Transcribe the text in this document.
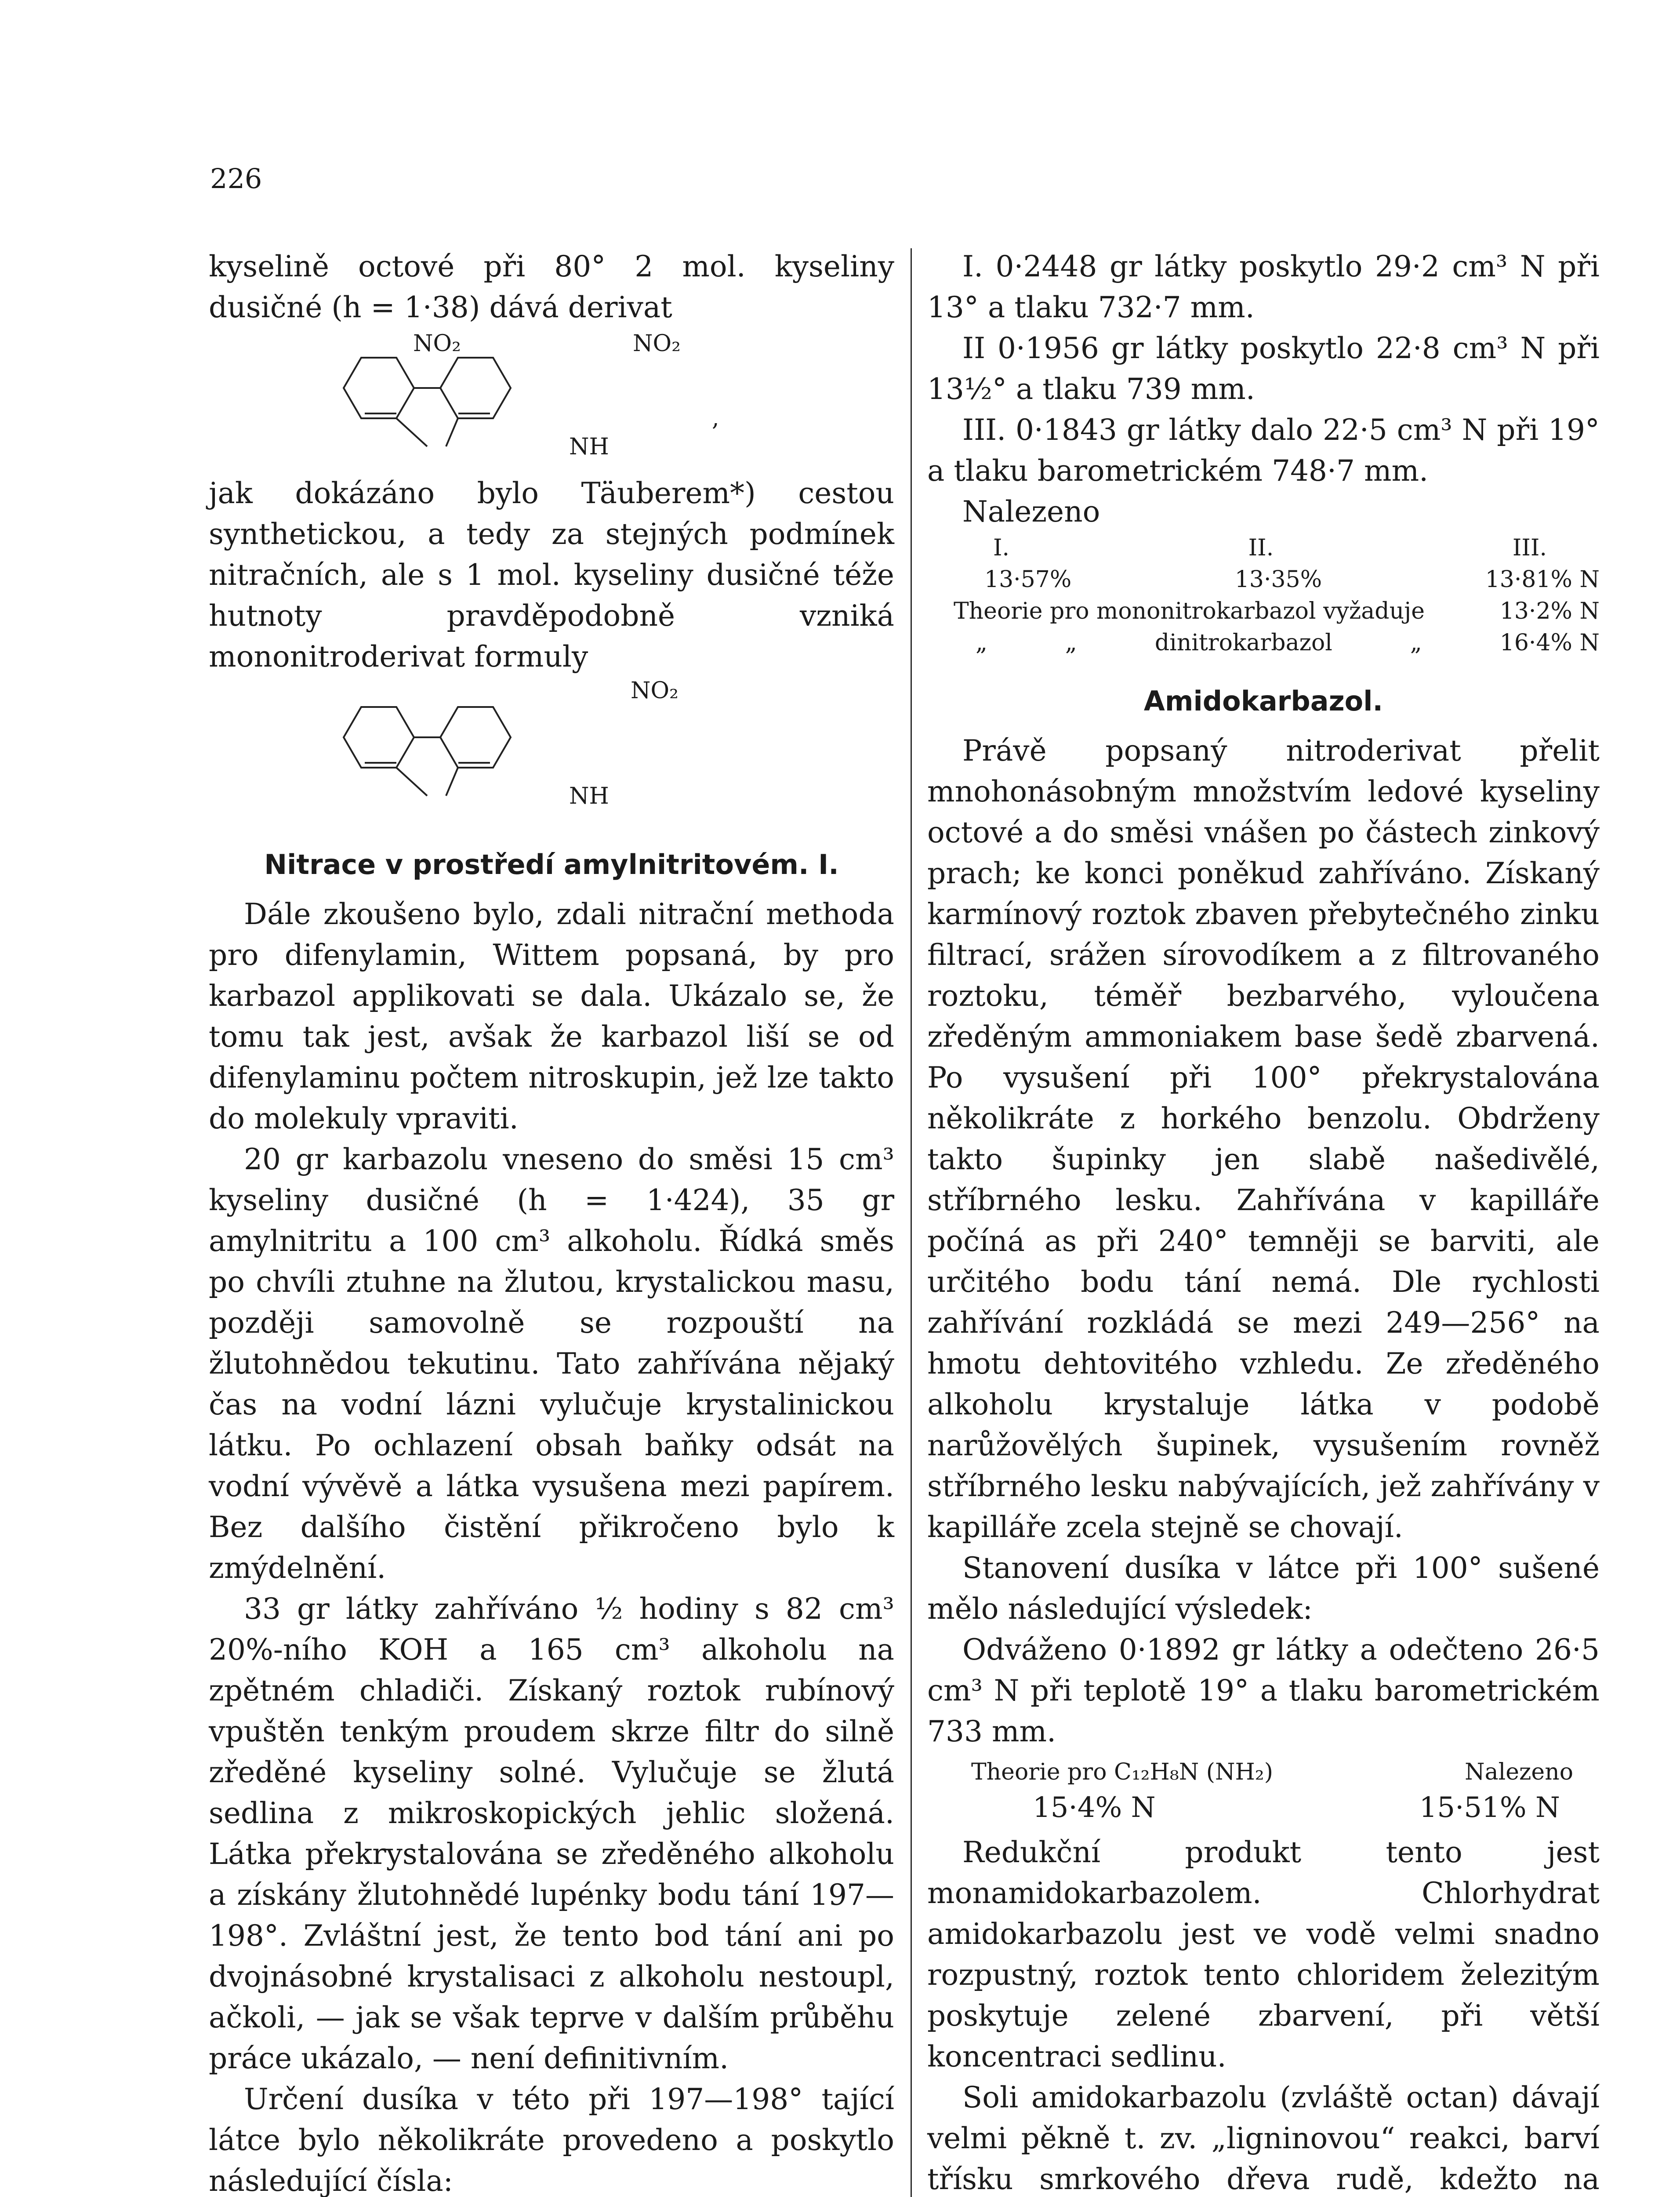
226

kyselině octové při 80° 2 mol. kyseliny dusičné (h = 1·38) dává derivat

NO₂	NO₂
NH
,

jak dokázáno bylo Täuberem*) cestou synthetickou, a tedy za stejných podmínek nitračních, ale s 1 mol. kyseliny dusičné téže hutnoty pravděpodobně vzniká mononitroderivat formuly

NO₂
NH
Nitrace v prostředí amylnitritovém. I.

Dále zkoušeno bylo, zdali nitrační methoda pro difenylamin, Wittem popsaná, by pro karbazol applikovati se dala. Ukázalo se, že tomu tak jest, avšak že karbazol liší se od difenylaminu počtem nitroskupin, jež lze takto do molekuly vpraviti.

20 gr karbazolu vneseno do směsi 15 cm³ kyseliny dusičné (h = 1·424), 35 gr amylnitritu a 100 cm³ alkoholu. Řídká směs po chvíli ztuhne na žlutou, krystalickou masu, později samovolně se rozpouští na žlutohnědou tekutinu. Tato zahřívána nějaký čas na vodní lázni vylučuje krystalinickou látku. Po ochlazení obsah baňky odsát na vodní vývěvě a látka vysušena mezi papírem. Bez dalšího čistění přikročeno bylo k zmýdelnění.

33 gr látky zahříváno ½ hodiny s 82 cm³ 20%-ního KOH a 165 cm³ alkoholu na zpětném chladiči. Získaný roztok rubínový vpuštěn tenkým proudem skrze filtr do silně zředěné kyseliny solné. Vylučuje se žlutá sedlina z mikroskopických jehlic složená. Látka překrystalována se zředěného alkoholu a získány žlutohnědé lupénky bodu tání 197—198°. Zvláštní jest, že tento bod tání ani po dvojnásobné krystalisaci z alkoholu nestoupl, ačkoli, — jak se však teprve v dalším průběhu práce ukázalo, — není definitivním.

Určení dusíka v této při 197—198° tající látce bylo několikráte provedeno a poskytlo následující čísla:

I. 0·2448 gr látky poskytlo 29·2 cm³ N při 13° a tlaku 732·7 mm.

II 0·1956 gr látky poskytlo 22·8 cm³ N při 13½° a tlaku 739 mm.

III. 0·1843 gr látky dalo 22·5 cm³ N při 19° a tlaku barometrickém 748·7 mm.

Nalezeno

I.	II.	III.
13·57%	13·35%	13·81% N
Theorie pro mononitrokarbazol vyžaduje	13·2% N
„	„	dinitrokarbazol	„	16·4% N
Amidokarbazol.

Právě popsaný nitroderivat přelit mnohonásobným množstvím ledové kyseliny octové a do směsi vnášen po částech zinkový prach; ke konci poněkud zahříváno. Získaný karmínový roztok zbaven přebytečného zinku filtrací, srážen sírovodíkem a z filtrovaného roztoku, téměř bezbarvého, vyloučena zředěným ammoniakem base šedě zbarvená. Po vysušení při 100° překrystalována několikráte z horkého benzolu. Obdrženy takto šupinky jen slabě našedivělé, stříbrného lesku. Zahřívána v kapilláře počíná as při 240° temněji se barviti, ale určitého bodu tání nemá. Dle rychlosti zahřívání rozkládá se mezi 249—256° na hmotu dehtovitého vzhledu. Ze zředěného alkoholu krystaluje látka v podobě narůžovělých šupinek, vysušením rovněž stříbrného lesku nabývajících, jež zahřívány v kapilláře zcela stejně se chovají.

Stanovení dusíka v látce při 100° sušené mělo následující výsledek:

Odváženo 0·1892 gr látky a odečteno 26·5 cm³ N při teplotě 19° a tlaku barometrickém 733 mm.

Theorie pro C₁₂H₈N (NH₂)	Nalezeno
15·4% N	15·51% N

Redukční produkt tento jest monamidokarbazolem. Chlorhydrat amidokarbazolu jest ve vodě velmi snadno rozpustný, roztok tento chloridem železitým poskytuje zelené zbarvení, při větší koncentraci sedlinu.

Soli amidokarbazolu (zvláště octan) dávají velmi pěkně t. zv. „ligninovou“ reakci, barví třísku smrkového dřeva rudě, kdežto na
